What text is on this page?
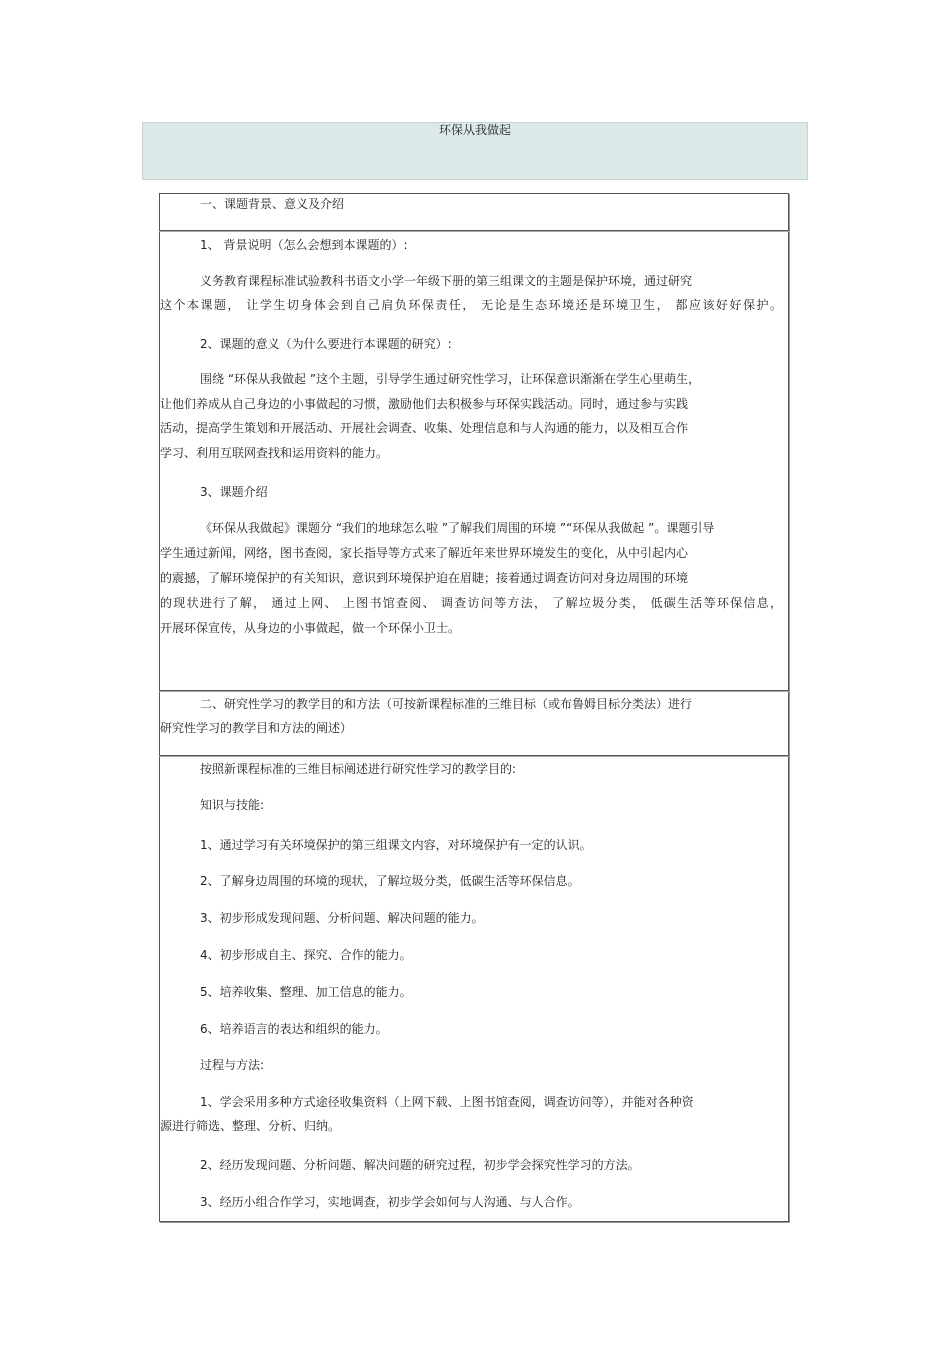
环保从我做起
一、课题背景、意义及介绍
1、 背景说明（怎么会想到本课题的）:
义务教育课程标准试验教科书语文小学一年级下册的第三组课文的主题是保护环境，通过研究
这个本课题， 让学生切身体会到自己肩负环保责任， 无论是生态环境还是环境卫生， 都应该好好保护。
2、课题的意义（为什么要进行本课题的研究）:
围绕 “环保从我做起 ”这个主题，引导学生通过研究性学习，让环保意识渐渐在学生心里萌生，
让他们养成从自己身边的小事做起的习惯，激励他们去积极参与环保实践活动。同时，通过参与实践
活动，提高学生策划和开展活动、开展社会调查、收集、处理信息和与人沟通的能力，以及相互合作
学习、利用互联网查找和运用资料的能力。
3、课题介绍
《环保从我做起》课题分 “我们的地球怎么啦 ”了解我们周围的环境 ”“环保从我做起 ”。课题引导
学生通过新闻，网络，图书查阅，家长指导等方式来了解近年来世界环境发生的变化，从中引起内心
的震撼，了解环境保护的有关知识，意识到环境保护迫在眉睫；接着通过调查访问对身边周围的环境
的现状进行了解， 通过上网、 上图书馆查阅、 调查访问等方法， 了解垃圾分类， 低碳生活等环保信息，
开展环保宣传，从身边的小事做起，做一个环保小卫士。
二、研究性学习的教学目的和方法（可按新课程标准的三维目标（或布鲁姆目标分类法）进行
研究性学习的教学目和方法的阐述）
按照新课程标准的三维目标阐述进行研究性学习的教学目的:
知识与技能:
1、通过学习有关环境保护的第三组课文内容，对环境保护有一定的认识。
2、了解身边周围的环境的现状，了解垃圾分类，低碳生活等环保信息。
3、初步形成发现问题、分析问题、解决问题的能力。
4、初步形成自主、探究、合作的能力。
5、培养收集、整理、加工信息的能力。
6、培养语言的表达和组织的能力。
过程与方法:
1、学会采用多种方式途径收集资料（上网下载、上图书馆查阅，调查访问等），并能对各种资
源进行筛选、整理、分析、归纳。
2、经历发现问题、分析问题、解决问题的研究过程，初步学会探究性学习的方法。
3、经历小组合作学习，实地调查，初步学会如何与人沟通、与人合作。
